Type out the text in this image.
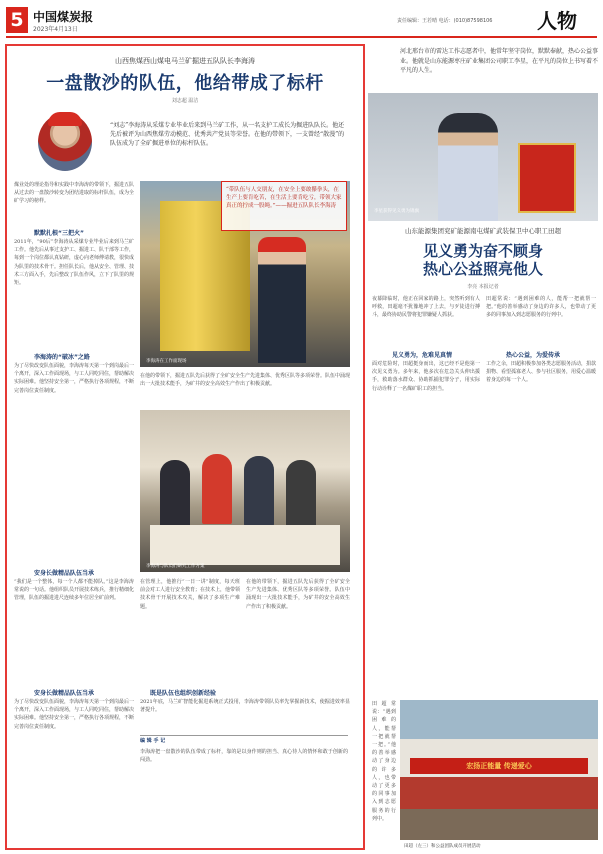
5 中国煤炭报
2023年4月13日
责任编辑：王若晴 电话：(010)87598106 人物
山西焦煤西山煤电马兰矿掘进五队队长李海涛
一盘散沙的队伍，他给带成了标杆
刘志超 温洁
“刘志”李海涛从采煤专业毕业后来到马兰矿工作，从一名支护工成长为掘进队队长。他还先后被评为山西焦煤劳动模范、优秀共产党员等荣誉。在他的带领下，一支曾经“散漫”的队伍成为了全矿掘进单位的标杆队伍。
煤业处的理论指导和实践中李海涛的带领下，掘进五队从过去的一盘散沙转变为团结进取的标杆队伍，成为全矿学习的榜样。
默默扎根“三把火”
2011年，“90后”李海涛从采煤专业毕业后来到马兰矿工作。他先后从事过支护工、掘进工、队干部等工作，每到一个岗位都认真钻研，虚心向老师傅请教，很快成为队里的技术骨干。担任队长后，他从安全、管理、技术三方面入手，先后整改了队伍作风，立下了队里的规矩。
李海涛的“破冰”之路
为了尽快改变队伍面貌，李海涛每天第一个到岗最后一个离开，深入工作面现场，与工人同吃同住，帮助解决实际困难。他坚持安全第一，严格执行各项规程，不断完善岗位责任制度。
安身长做精品队伍当承
“我们是一个整体，每一个人都不能掉队。”这是李海涛常说的一句话。他组织队员开展技术练兵，推行精细化管理，队伍的掘进进尺连续多年位居全矿前列。
安身长做精品队伍当承
为了尽快改变队伍面貌，李海涛每天第一个到岗最后一个离开，深入工作面现场，与工人同吃同住，帮助解决实际困难。他坚持安全第一，严格执行各项规程，不断完善岗位责任制度。
“带队伍与人交朋友，在安全上要敢攥拳头，在生产上要肯吃苦，在生活上要肯吃亏，带领大家真正的拧成一股绳。”——掘进五队队长李海涛
李海涛在工作面现场
在他的带领下，掘进五队先后获得了全矿安全生产先进集体、优秀区队等多项荣誉。队伍中涌现出一大批技术能手，为矿井的安全高效生产作出了积极贡献。
李海涛与队员们研究工作方案
在管理上，他推行“一日一讲”制度，每天班前会对工人进行安全教育；在技术上，他带领技术骨干开展技术攻关，解决了多项生产难题。
在他的带领下，掘进五队先后获得了全矿安全生产先进集体、优秀区队等多项荣誉。队伍中涌现出一大批技术能手，为矿井的安全高效生产作出了积极贡献。
既是队伍也组织创新经验
2021年底，马兰矿智能化掘进系统正式投用，李海涛带领队员率先掌握新技术，使掘进效率显著提升。
编 辑 手 记
李海涛把一盘散沙的队伍带成了标杆，靠的是以身作则的担当、真心待人的情怀和敢于创新的闯劲。
河北邢台市的雷达工作志愿者中，他常年坚守岗位，默默奉献，热心公益事业。他就是山东能源枣庄矿业集团公司职工李星，在平凡的岗位上书写着不平凡的人生。
李星获得见义勇为锦旗
山东能源集团兖矿能源南屯煤矿武装保卫中心职工田超
见义勇为奋不顾身
热心公益照亮他人
李亮 本报记者
夜幕降临时，他正在回家的路上，突然听到有人呼救，田超毫不犹豫地冲了上去，与歹徒进行搏斗，最终协助民警将犯罪嫌疑人抓获。
见义勇为，危难见真情
面对危险时，田超挺身而出，这已经不是他第一次见义勇为。多年来，他多次在危急关头伸出援手，救助落水群众、协助抓捕犯罪分子，用实际行动诠释了一名煤矿职工的担当。
田超常说：“遇到困难的人，能帮一把就帮一把。”他的善举感动了身边的许多人，也带动了更多的同事加入到志愿服务的行列中。
热心公益，为爱传承
工作之余，田超积极参加各类志愿服务活动，捐款捐物、看望孤寡老人、参与社区服务，用爱心温暖着身边的每一个人。
田超常说：“遇到困难的人，能帮一把就帮一把。”他的善举感动了身边的许多人，也带动了更多的同事加入到志愿服务的行列中。
宏扬正能量 传递爱心
田超（左三）和公益团队成员开展活动
